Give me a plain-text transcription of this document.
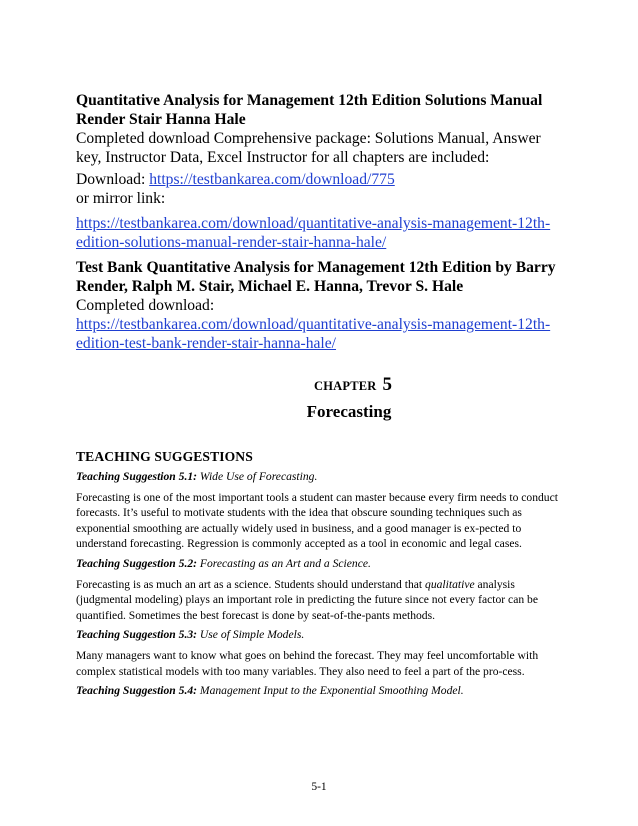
Quantitative Analysis for Management 12th Edition Solutions Manual Render Stair Hanna Hale

Completed download Comprehensive package: Solutions Manual, Answer key, Instructor Data, Excel Instructor for all chapters are included:

Download: https://testbankarea.com/download/775

or mirror link:

https://testbankarea.com/download/quantitative-analysis-management-12th-edition-solutions-manual-render-stair-hanna-hale/

Test Bank Quantitative Analysis for Management 12th Edition by Barry Render, Ralph M. Stair, Michael E. Hanna, Trevor S. Hale

Completed download:

https://testbankarea.com/download/quantitative-analysis-management-12th-edition-test-bank-render-stair-hanna-hale/

CHAPTER 5
Forecasting
TEACHING SUGGESTIONS
Teaching Suggestion 5.1: Wide Use of Forecasting.
Forecasting is one of the most important tools a student can master because every firm needs to conduct forecasts. It’s useful to motivate students with the idea that obscure sounding techniques such as exponential smoothing are actually widely used in business, and a good manager is ex-pected to understand forecasting. Regression is commonly accepted as a tool in economic and legal cases.
Teaching Suggestion 5.2: Forecasting as an Art and a Science.
Forecasting is as much an art as a science. Students should understand that qualitative analysis (judgmental modeling) plays an important role in predicting the future since not every factor can be quantified. Sometimes the best forecast is done by seat-of-the-pants methods.
Teaching Suggestion 5.3: Use of Simple Models.
Many managers want to know what goes on behind the forecast. They may feel uncomfortable with complex statistical models with too many variables. They also need to feel a part of the pro-cess.
Teaching Suggestion 5.4: Management Input to the Exponential Smoothing Model.
5-1
